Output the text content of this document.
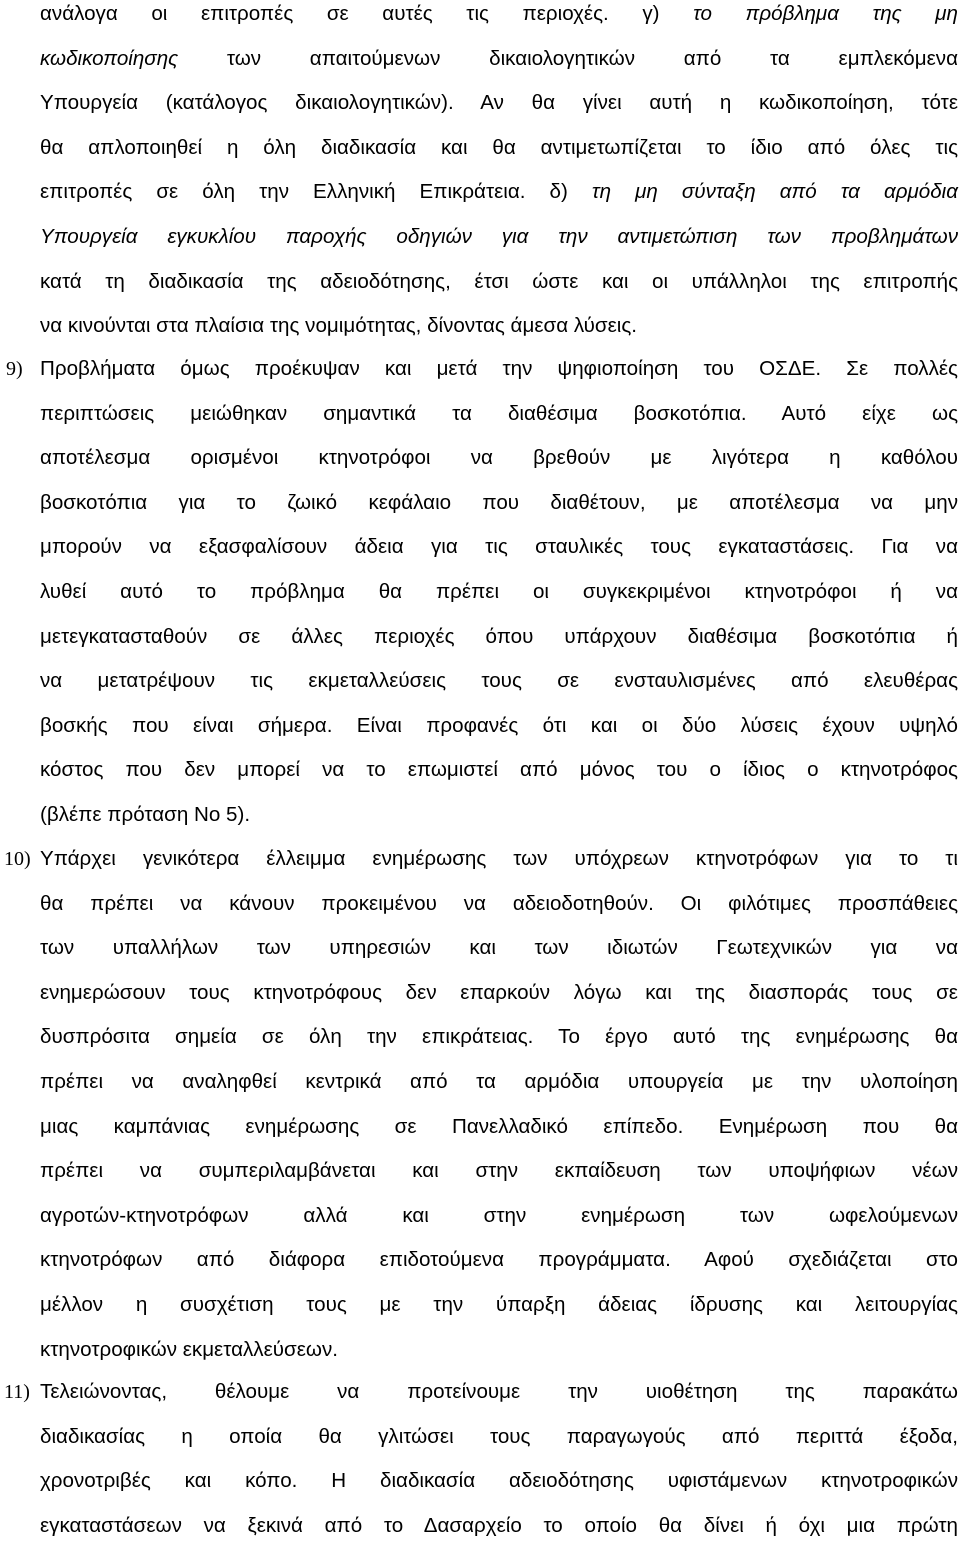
ανάλογα οι επιτροπές σε αυτές τις περιοχές. γ) το πρόβλημα της μη
κωδικοποίησης των απαιτούμενων δικαιολογητικών από τα εμπλεκόμενα
Υπουργεία (κατάλογος δικαιολογητικών). Αν θα γίνει αυτή η κωδικοποίηση, τότε
θα απλοποιηθεί η όλη διαδικασία και θα αντιμετωπίζεται το ίδιο από όλες τις
επιτροπές σε όλη την Ελληνική Επικράτεια. δ) τη μη σύνταξη από τα αρμόδια
Υπουργεία εγκυκλίου παροχής οδηγιών για την αντιμετώπιση των προβλημάτων
κατά τη διαδικασία της αδειοδότησης, έτσι ώστε και οι υπάλληλοι της επιτροπής
να κινούνται στα πλαίσια της νομιμότητας, δίνοντας άμεσα λύσεις.
9) Προβλήματα όμως προέκυψαν και μετά την ψηφιοποίηση του ΟΣΔΕ. Σε πολλές
περιπτώσεις μειώθηκαν σημαντικά τα διαθέσιμα βοσκοτόπια. Αυτό είχε ως
αποτέλεσμα ορισμένοι κτηνοτρόφοι να βρεθούν με λιγότερα η καθόλου
βοσκοτόπια για το ζωικό κεφάλαιο που διαθέτουν, με αποτέλεσμα να μην
μπορούν να εξασφαλίσουν άδεια για τις σταυλικές τους εγκαταστάσεις. Για να
λυθεί αυτό το πρόβλημα θα πρέπει οι συγκεκριμένοι κτηνοτρόφοι ή να
μετεγκατασταθούν σε άλλες περιοχές όπου υπάρχουν διαθέσιμα βοσκοτόπια ή
να μετατρέψουν τις εκμεταλλεύσεις τους σε ενσταυλισμένες από ελευθέρας
βοσκής που είναι σήμερα. Είναι προφανές ότι και οι δύο λύσεις έχουν υψηλό
κόστος που δεν μπορεί να το επωμιστεί από μόνος του ο ίδιος ο κτηνοτρόφος
(βλέπε πρόταση Νο 5).
10) Υπάρχει γενικότερα έλλειμμα ενημέρωσης των υπόχρεων κτηνοτρόφων για το τι
θα πρέπει να κάνουν προκειμένου να αδειοδοτηθούν. Οι φιλότιμες προσπάθειες
των υπαλλήλων των υπηρεσιών και των ιδιωτών Γεωτεχνικών για να
ενημερώσουν τους κτηνοτρόφους δεν επαρκούν λόγω και της διασποράς τους σε
δυσπρόσιτα σημεία σε όλη την επικράτειας. Το έργο αυτό της ενημέρωσης θα
πρέπει να αναληφθεί κεντρικά από τα αρμόδια υπουργεία με την υλοποίηση
μιας καμπάνιας ενημέρωσης σε Πανελλαδικό επίπεδο. Ενημέρωση που θα
πρέπει να συμπεριλαμβάνεται και στην εκπαίδευση των υποψήφιων νέων
αγροτών-κτηνοτρόφων αλλά και στην ενημέρωση των ωφελούμενων
κτηνοτρόφων από διάφορα επιδοτούμενα προγράμματα. Αφού σχεδιάζεται στο
μέλλον η συσχέτιση τους με την ύπαρξη άδειας ίδρυσης και λειτουργίας
κτηνοτροφικών εκμεταλλεύσεων.
11) Τελειώνοντας, θέλουμε να προτείνουμε την υιοθέτηση της παρακάτω
διαδικασίας η οποία θα γλιτώσει τους παραγωγούς από περιττά έξοδα,
χρονοτριβές και κόπο. Η διαδικασία αδειοδότησης υφιστάμενων κτηνοτροφικών
εγκαταστάσεων να ξεκινά από το Δασαρχείο το οποίο θα δίνει ή όχι μια πρώτη
